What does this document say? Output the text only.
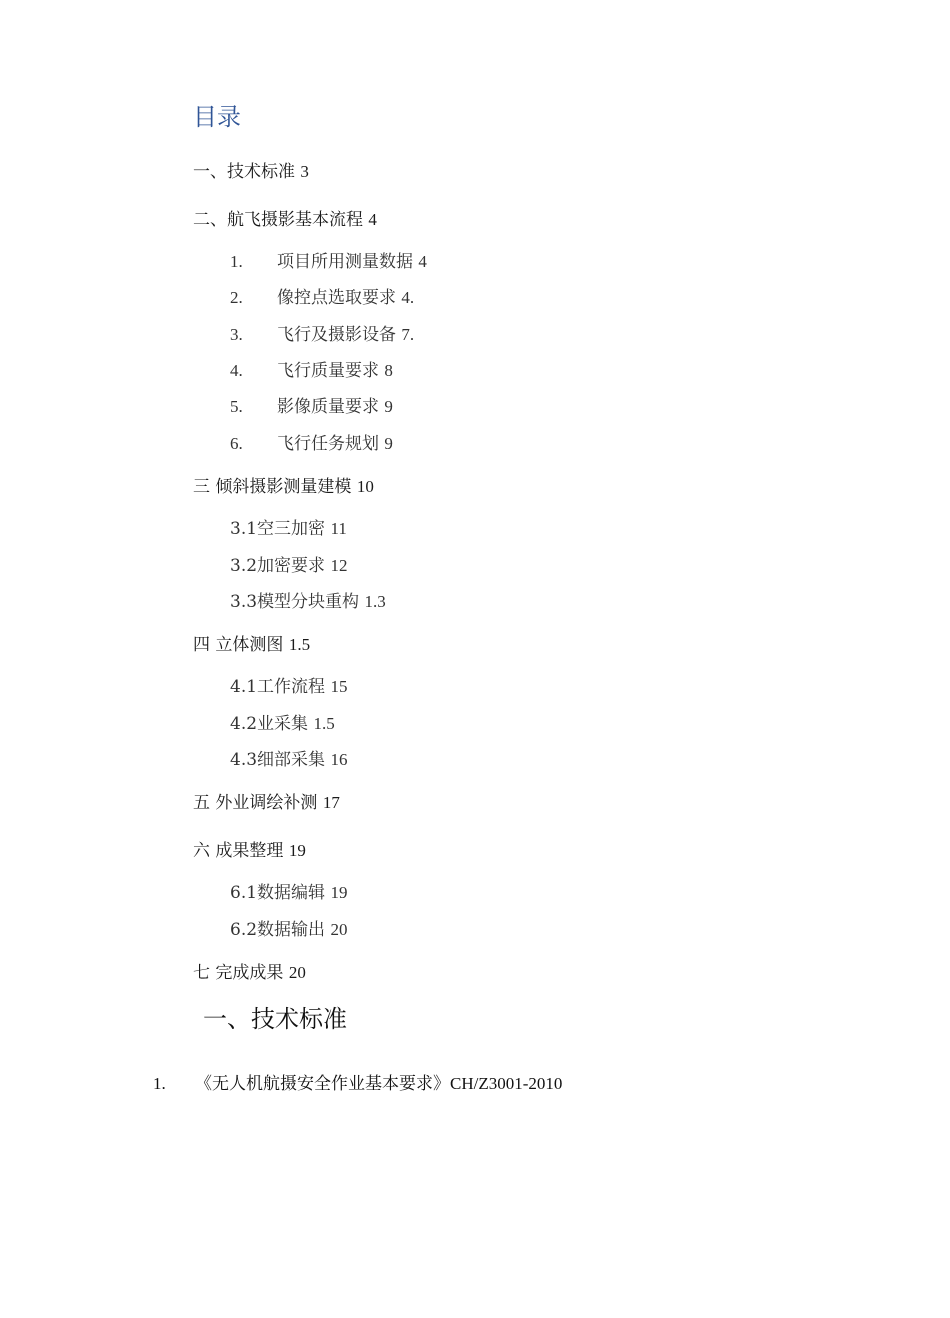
目录
一、技术标准 3
二、航飞摄影基本流程 4
1. 项目所用测量数据 4
2. 像控点选取要求 4.
3. 飞行及摄影设备 7.
4. 飞行质量要求 8
5. 影像质量要求 9
6. 飞行任务规划 9
三 倾斜摄影测量建模 10
3.1空三加密 11
3.2加密要求 12
3.3模型分块重构 1.3
四 立体测图 1.5
4.1工作流程 15
4.2业采集 1.5
4.3细部采集 16
五 外业调绘补测 17
六 成果整理 19
6.1数据编辑 19
6.2数据输出 20
七 完成成果 20
一、技术标准
1. 《无人机航摄安全作业基本要求》CH/Z3001-2010
